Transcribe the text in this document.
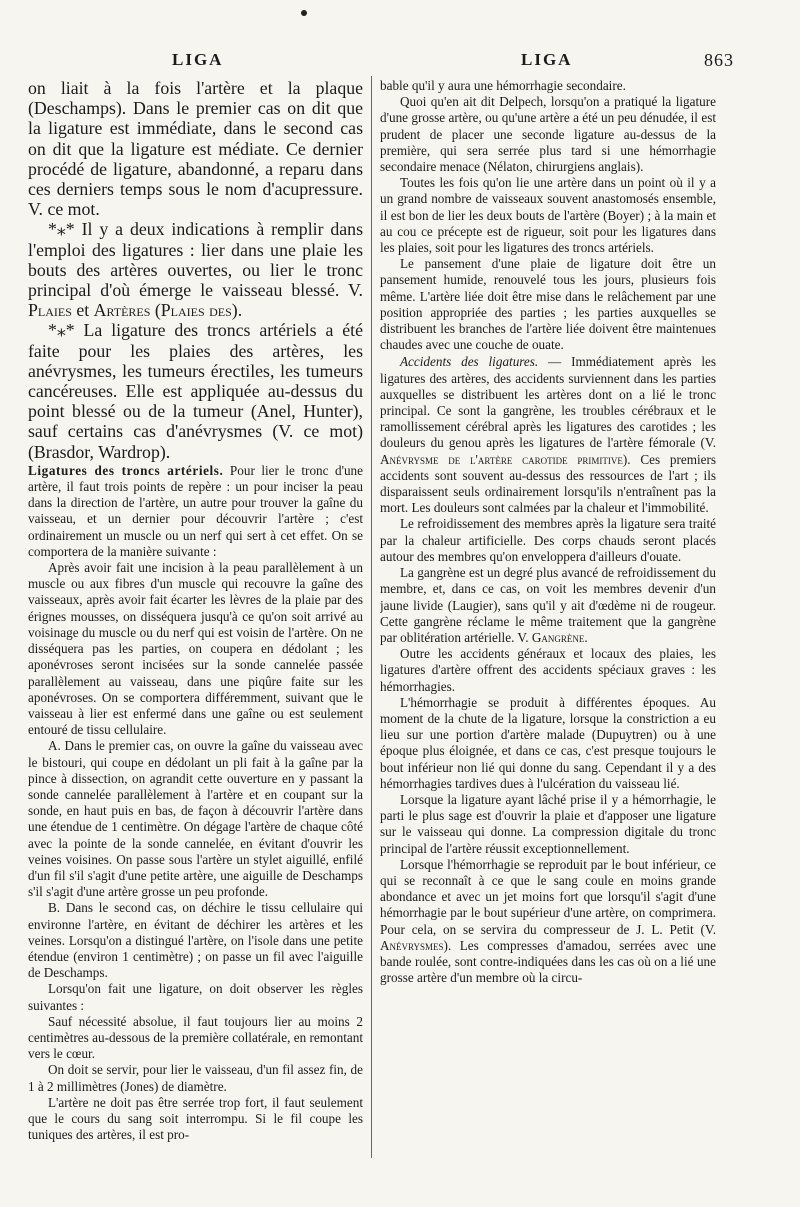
LIGA	LIGA	863

on liait à la fois l'artère et la plaque (Deschamps). Dans le premier cas on dit que la ligature est immédiate, dans le second cas on dit que la ligature est médiate. Ce dernier procédé de ligature, abandonné, a reparu dans ces derniers temps sous le nom d'acupressure. V. ce mot.

*⁎* Il y a deux indications à remplir dans l'emploi des ligatures : lier dans une plaie les bouts des artères ouvertes, ou lier le tronc principal d'où émerge le vaisseau blessé. V. Plaies et Artères (Plaies des).

*⁎* La ligature des troncs artériels a été faite pour les plaies des artères, les anévrysmes, les tumeurs érectiles, les tumeurs cancéreuses. Elle est appliquée au-dessus du point blessé ou de la tumeur (Anel, Hunter), sauf certains cas d'anévrysmes (V. ce mot) (Brasdor, Wardrop).

Ligatures des troncs artériels. Pour lier le tronc d'une artère, il faut trois points de repère : un pour inciser la peau dans la direction de l'artère, un autre pour trouver la gaîne du vaisseau, et un dernier pour découvrir l'artère ; c'est ordinairement un muscle ou un nerf qui sert à cet effet. On se comportera de la manière suivante :

Après avoir fait une incision à la peau parallèlement à un muscle ou aux fibres d'un muscle qui recouvre la gaîne des vaisseaux, après avoir fait écarter les lèvres de la plaie par des érignes mousses, on disséquera jusqu'à ce qu'on soit arrivé au voisinage du muscle ou du nerf qui est voisin de l'artère. On ne disséquera pas les parties, on coupera en dédolant ; les aponévroses seront incisées sur la sonde cannelée passée parallèlement au vaisseau, dans une piqûre faite sur les aponévroses. On se comportera différemment, suivant que le vaisseau à lier est enfermé dans une gaîne ou est seulement entouré de tissu cellulaire.

A. Dans le premier cas, on ouvre la gaîne du vaisseau avec le bistouri, qui coupe en dédolant un pli fait à la gaîne par la pince à dissection, on agrandit cette ouverture en y passant la sonde cannelée parallèlement à l'artère et en coupant sur la sonde, en haut puis en bas, de façon à découvrir l'artère dans une étendue de 1 centimètre. On dégage l'artère de chaque côté avec la pointe de la sonde cannelée, en évitant d'ouvrir les veines voisines. On passe sous l'artère un stylet aiguillé, enfilé d'un fil s'il s'agit d'une petite artère, une aiguille de Deschamps s'il s'agit d'une artère grosse un peu profonde.

B. Dans le second cas, on déchire le tissu cellulaire qui environne l'artère, en évitant de déchirer les artères et les veines. Lorsqu'on a distingué l'artère, on l'isole dans une petite étendue (environ 1 centimètre) ; on passe un fil avec l'aiguille de Deschamps.

Lorsqu'on fait une ligature, on doit observer les règles suivantes :

Sauf nécessité absolue, il faut toujours lier au moins 2 centimètres au-dessous de la première collatérale, en remontant vers le cœur.

On doit se servir, pour lier le vaisseau, d'un fil assez fin, de 1 à 2 millimètres (Jones) de diamètre.

L'artère ne doit pas être serrée trop fort, il faut seulement que le cours du sang soit interrompu. Si le fil coupe les tuniques des artères, il est pro-

bable qu'il y aura une hémorrhagie secondaire.

Quoi qu'en ait dit Delpech, lorsqu'on a pratiqué la ligature d'une grosse artère, ou qu'une artère a été un peu dénudée, il est prudent de placer une seconde ligature au-dessus de la première, qui sera serrée plus tard si une hémorrhagie secondaire menace (Nélaton, chirurgiens anglais).

Toutes les fois qu'on lie une artère dans un point où il y a un grand nombre de vaisseaux souvent anastomosés ensemble, il est bon de lier les deux bouts de l'artère (Boyer) ; à la main et au cou ce précepte est de rigueur, soit pour les ligatures dans les plaies, soit pour les ligatures des troncs artériels.

Le pansement d'une plaie de ligature doit être un pansement humide, renouvelé tous les jours, plusieurs fois même. L'artère liée doit être mise dans le relâchement par une position appropriée des parties ; les parties auxquelles se distribuent les branches de l'artère liée doivent être maintenues chaudes avec une couche de ouate.

Accidents des ligatures. — Immédiatement après les ligatures des artères, des accidents surviennent dans les parties auxquelles se distribuent les artères dont on a lié le tronc principal. Ce sont la gangrène, les troubles cérébraux et le ramollissement cérébral après les ligatures des carotides ; les douleurs du genou après les ligatures de l'artère fémorale (V. Anévrysme de l'artère carotide primitive). Ces premiers accidents sont souvent au-dessus des ressources de l'art ; ils disparaissent seuls ordinairement lorsqu'ils n'entraînent pas la mort. Les douleurs sont calmées par la chaleur et l'immobilité.

Le refroidissement des membres après la ligature sera traité par la chaleur artificielle. Des corps chauds seront placés autour des membres qu'on enveloppera d'ailleurs d'ouate.

La gangrène est un degré plus avancé de refroidissement du membre, et, dans ce cas, on voit les membres devenir d'un jaune livide (Laugier), sans qu'il y ait d'œdème ni de rougeur. Cette gangrène réclame le même traitement que la gangrène par oblitération artérielle. V. Gangrène.

Outre les accidents généraux et locaux des plaies, les ligatures d'artère offrent des accidents spéciaux graves : les hémorrhagies.

L'hémorrhagie se produit à différentes époques. Au moment de la chute de la ligature, lorsque la constriction a eu lieu sur une portion d'artère malade (Dupuytren) ou à une époque plus éloignée, et dans ce cas, c'est presque toujours le bout inférieur non lié qui donne du sang. Cependant il y a des hémorrhagies tardives dues à l'ulcération du vaisseau lié.

Lorsque la ligature ayant lâché prise il y a hémorrhagie, le parti le plus sage est d'ouvrir la plaie et d'apposer une ligature sur le vaisseau qui donne. La compression digitale du tronc principal de l'artère réussit exceptionnellement.

Lorsque l'hémorrhagie se reproduit par le bout inférieur, ce qui se reconnaît à ce que le sang coule en moins grande abondance et avec un jet moins fort que lorsqu'il s'agit d'une hémorrhagie par le bout supérieur d'une artère, on comprimera. Pour cela, on se servira du compresseur de J. L. Petit (V. Anévrysmes). Les compresses d'amadou, serrées avec une bande roulée, sont contre-indiquées dans les cas où on a lié une grosse artère d'un membre où la circu-
